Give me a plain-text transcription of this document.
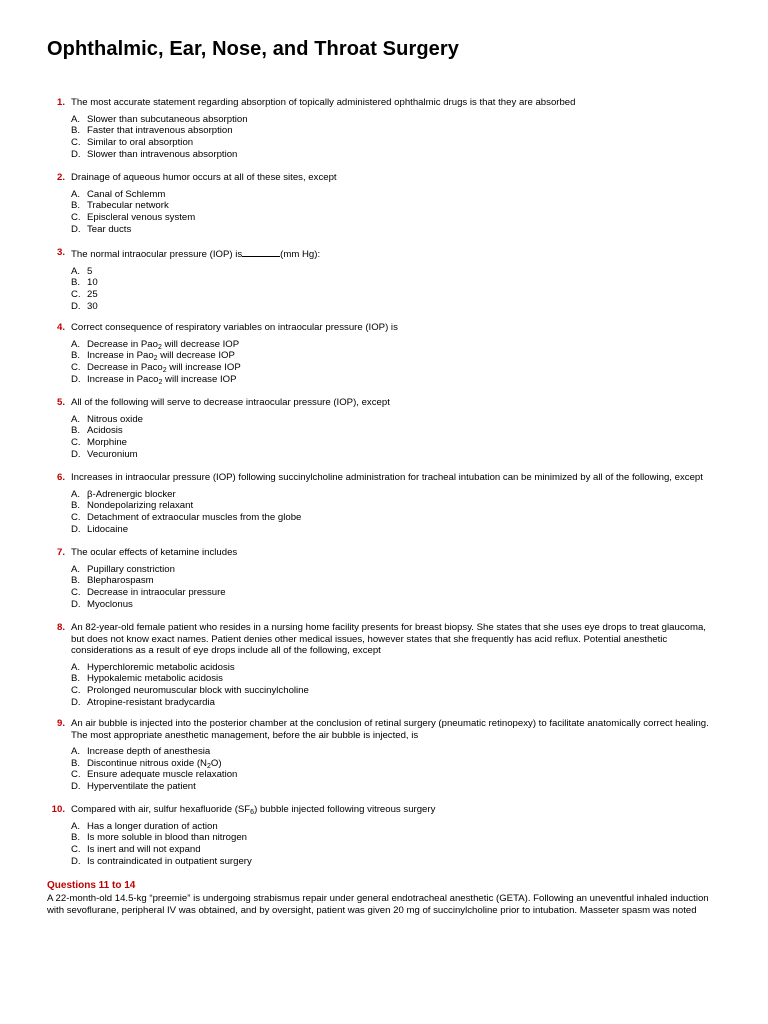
Ophthalmic, Ear, Nose, and Throat Surgery
1. The most accurate statement regarding absorption of topically administered ophthalmic drugs is that they are absorbed
A. Slower than subcutaneous absorption
B. Faster that intravenous absorption
C. Similar to oral absorption
D. Slower than intravenous absorption
2. Drainage of aqueous humor occurs at all of these sites, except
A. Canal of Schlemm
B. Trabecular network
C. Episcleral venous system
D. Tear ducts
3. The normal intraocular pressure (IOP) is	(mm Hg):
A. 5
B. 10
C. 25
D. 30
4. Correct consequence of respiratory variables on intraocular pressure (IOP) is
A. Decrease in Pao$_2$ will decrease IOP
B. Increase in Pao$_2$ will decrease IOP
C. Decrease in Paco$_2$ will increase IOP
D. Increase in Paco$_2$ will increase IOP
5. All of the following will serve to decrease intraocular pressure (IOP), except
A. Nitrous oxide
B. Acidosis
C. Morphine
D. Vecuronium
6. Increases in intraocular pressure (IOP) following succinylcholine administration for tracheal intubation can be minimized by all of the following, except
A. β-Adrenergic blocker
B. Nondepolarizing relaxant
C. Detachment of extraocular muscles from the globe
D. Lidocaine
7. The ocular effects of ketamine includes
A. Pupillary constriction
B. Blepharospasm
C. Decrease in intraocular pressure
D. Myoclonus
8. An 82-year-old female patient who resides in a nursing home facility presents for breast biopsy. She states that she uses eye drops to treat glaucoma, but does not know exact names. Patient denies other medical issues, however states that she frequently has acid reflux. Potential anesthetic considerations as a result of eye drops include all of the following, except
A. Hyperchloremic metabolic acidosis
B. Hypokalemic metabolic acidosis
C. Prolonged neuromuscular block with succinylcholine
D. Atropine-resistant bradycardia
9. An air bubble is injected into the posterior chamber at the conclusion of retinal surgery (pneumatic retinopexy) to facilitate anatomically correct healing. The most appropriate anesthetic management, before the air bubble is injected, is
A. Increase depth of anesthesia
B. Discontinue nitrous oxide $(N_2O)$
C. Ensure adequate muscle relaxation
D. Hyperventilate the patient
10. Compared with air, sulfur hexafluoride $(SF_6)$ bubble injected following vitreous surgery
A. Has a longer duration of action
B. Is more soluble in blood than nitrogen
C. Is inert and will not expand
D. Is contraindicated in outpatient surgery
Questions 11 to 14
A 22-month-old 14.5-kg “preemie” is undergoing strabismus repair under general endotracheal anesthetic (GETA). Following an uneventful inhaled induction with sevoflurane, peripheral IV was obtained, and by oversight, patient was given 20 mg of succinylcholine prior to intubation. Masseter spasm was noted
